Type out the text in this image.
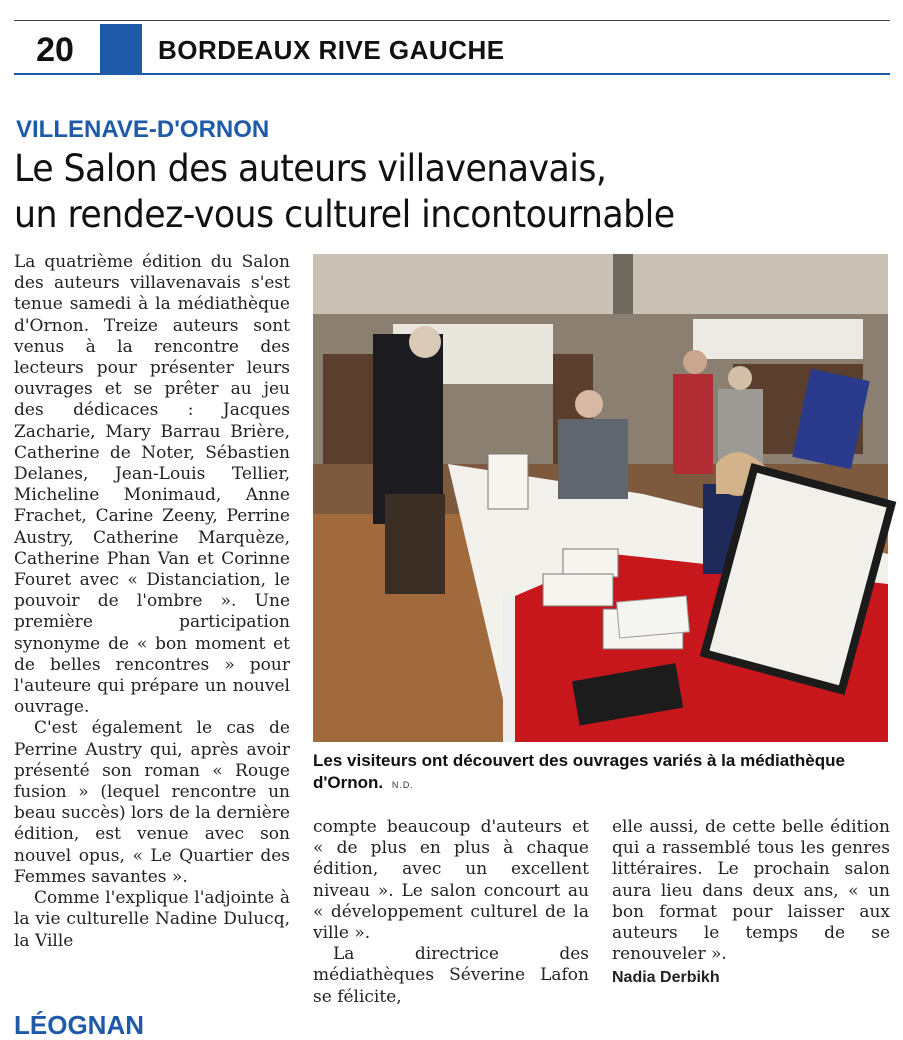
20	BORDEAUX RIVE GAUCHE
VILLENAVE-D'ORNON
Le Salon des auteurs villavenavais,
un rendez-vous culturel incontournable

La quatrième édition du Salon des auteurs villavenavais s'est tenue samedi à la médiathèque d'Ornon. Treize auteurs sont venus à la rencontre des lecteurs pour présenter leurs ouvrages et se prêter au jeu des dédicaces : Jacques Zacharie, Mary Barrau Brière, Catherine de Noter, Sébastien Delanes, Jean-Louis Tellier, Micheline Monimaud, Anne Frachet, Carine Zeeny, Perrine Austry, Catherine Marquèze, Catherine Phan Van et Corinne Fouret avec « Distanciation, le pouvoir de l'ombre ». Une première participation synonyme de « bon moment et de belles rencontres » pour l'auteure qui prépare un nouvel ouvrage.

C'est également le cas de Perrine Austry qui, après avoir présenté son roman « Rouge fusion » (lequel rencontre un beau succès) lors de la dernière édition, est venue avec son nouvel opus, « Le Quartier des Femmes savantes ».

Comme l'explique l'adjointe à la vie culturelle Nadine Dulucq, la Ville

Les visiteurs ont découvert des ouvrages variés à la médiathèque d'Ornon. N.D.

compte beaucoup d'auteurs et « de plus en plus à chaque édition, avec un excellent niveau ». Le salon concourt au « développement culturel de la ville ».

La directrice des médiathèques Séverine Lafon se félicite,

elle aussi, de cette belle édition qui a rassemblé tous les genres littéraires. Le prochain salon aura lieu dans deux ans, « un bon format pour laisser aux auteurs le temps de se renouveler ».

Nadia Derbikh
LÉOGNAN
